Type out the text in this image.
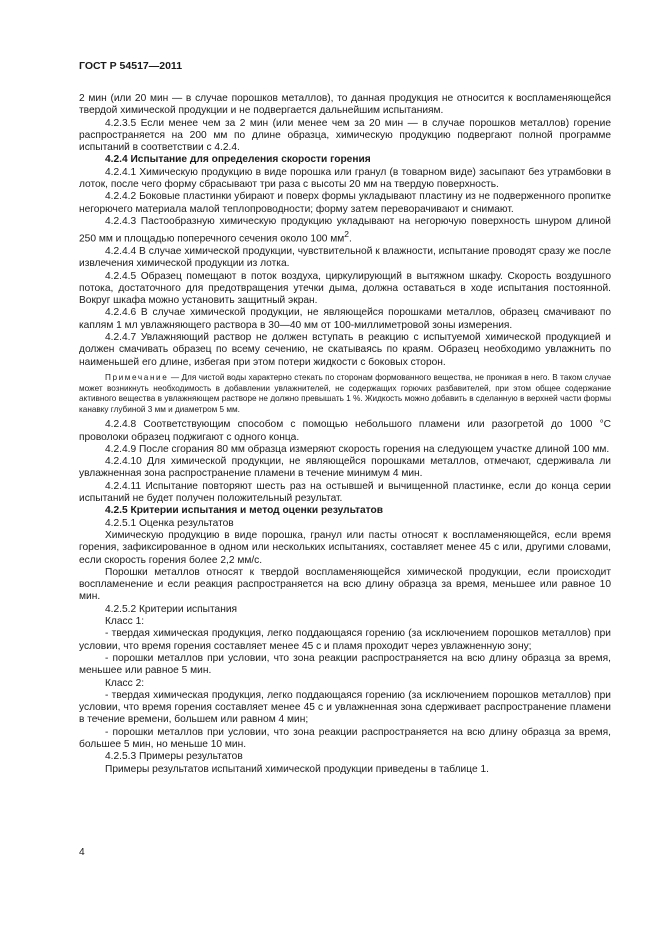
ГОСТ Р 54517—2011

2 мин (или 20 мин — в случае порошков металлов), то данная продукция не относится к воспламеняющейся твердой химической продукции и не подвергается дальнейшим испытаниям.

4.2.3.5 Если менее чем за 2 мин (или менее чем за 20 мин — в случае порошков металлов) горение распространяется на 200 мм по длине образца, химическую продукцию подвергают полной программе испытаний в соответствии с 4.2.4.

4.2.4 Испытание для определения скорости горения

4.2.4.1 Химическую продукцию в виде порошка или гранул (в товарном виде) засыпают без утрамбовки в лоток, после чего форму сбрасывают три раза с высоты 20 мм на твердую поверхность.

4.2.4.2 Боковые пластинки убирают и поверх формы укладывают пластину из не подверженного пропитке негорючего материала малой теплопроводности; форму затем переворачивают и снимают.

4.2.4.3 Пастообразную химическую продукцию укладывают на негорючую поверхность шнуром длиной 250 мм и площадью поперечного сечения около 100 $мм^2$.

4.2.4.4 В случае химической продукции, чувствительной к влажности, испытание проводят сразу же после извлечения химической продукции из лотка.

4.2.4.5 Образец помещают в поток воздуха, циркулирующий в вытяжном шкафу. Скорость воздушного потока, достаточного для предотвращения утечки дыма, должна оставаться в ходе испытания постоянной. Вокруг шкафа можно установить защитный экран.

4.2.4.6 В случае химической продукции, не являющейся порошками металлов, образец смачивают по каплям 1 мл увлажняющего раствора в 30—40 мм от 100-миллиметровой зоны измерения.

4.2.4.7 Увлажняющий раствор не должен вступать в реакцию с испытуемой химической продукцией и должен смачивать образец по всему сечению, не скатываясь по краям. Образец необходимо увлажнить по наименьшей его длине, избегая при этом потери жидкости с боковых сторон.

Примечание — Для чистой воды характерно стекать по сторонам формованного вещества, не проникая в него. В таком случае может возникнуть необходимость в добавлении увлажнителей, не содержащих горючих разбавителей, при этом общее содержание активного вещества в увлажняющем растворе не должно превышать 1 %. Жидкость можно добавить в сделанную в верхней части формы канавку глубиной 3 мм и диаметром 5 мм.

4.2.4.8 Соответствующим способом с помощью небольшого пламени или разогретой до 1000 °С проволоки образец поджигают с одного конца.

4.2.4.9 После сгорания 80 мм образца измеряют скорость горения на следующем участке длиной 100 мм.

4.2.4.10 Для химической продукции, не являющейся порошками металлов, отмечают, сдерживала ли увлажненная зона распространение пламени в течение минимум 4 мин.

4.2.4.11 Испытание повторяют шесть раз на остывшей и вычищенной пластинке, если до конца серии испытаний не будет получен положительный результат.

4.2.5 Критерии испытания и метод оценки результатов

4.2.5.1 Оценка результатов

Химическую продукцию в виде порошка, гранул или пасты относят к воспламеняющейся, если время горения, зафиксированное в одном или нескольких испытаниях, составляет менее 45 с или, другими словами, если скорость горения более 2,2 мм/с.

Порошки металлов относят к твердой воспламеняющейся химической продукции, если происходит воспламенение и если реакция распространяется на всю длину образца за время, меньшее или равное 10 мин.

4.2.5.2 Критерии испытания

Класс 1:

- твердая химическая продукция, легко поддающаяся горению (за исключением порошков металлов) при условии, что время горения составляет менее 45 с и пламя проходит через увлажненную зону;

- порошки металлов при условии, что зона реакции распространяется на всю длину образца за время, меньшее или равное 5 мин.

Класс 2:

- твердая химическая продукция, легко поддающаяся горению (за исключением порошков металлов) при условии, что время горения составляет менее 45 с и увлажненная зона сдерживает распространение пламени в течение времени, большем или равном 4 мин;

- порошки металлов при условии, что зона реакции распространяется на всю длину образца за время, большее 5 мин, но меньше 10 мин.

4.2.5.3 Примеры результатов

Примеры результатов испытаний химической продукции приведены в таблице 1.

4
